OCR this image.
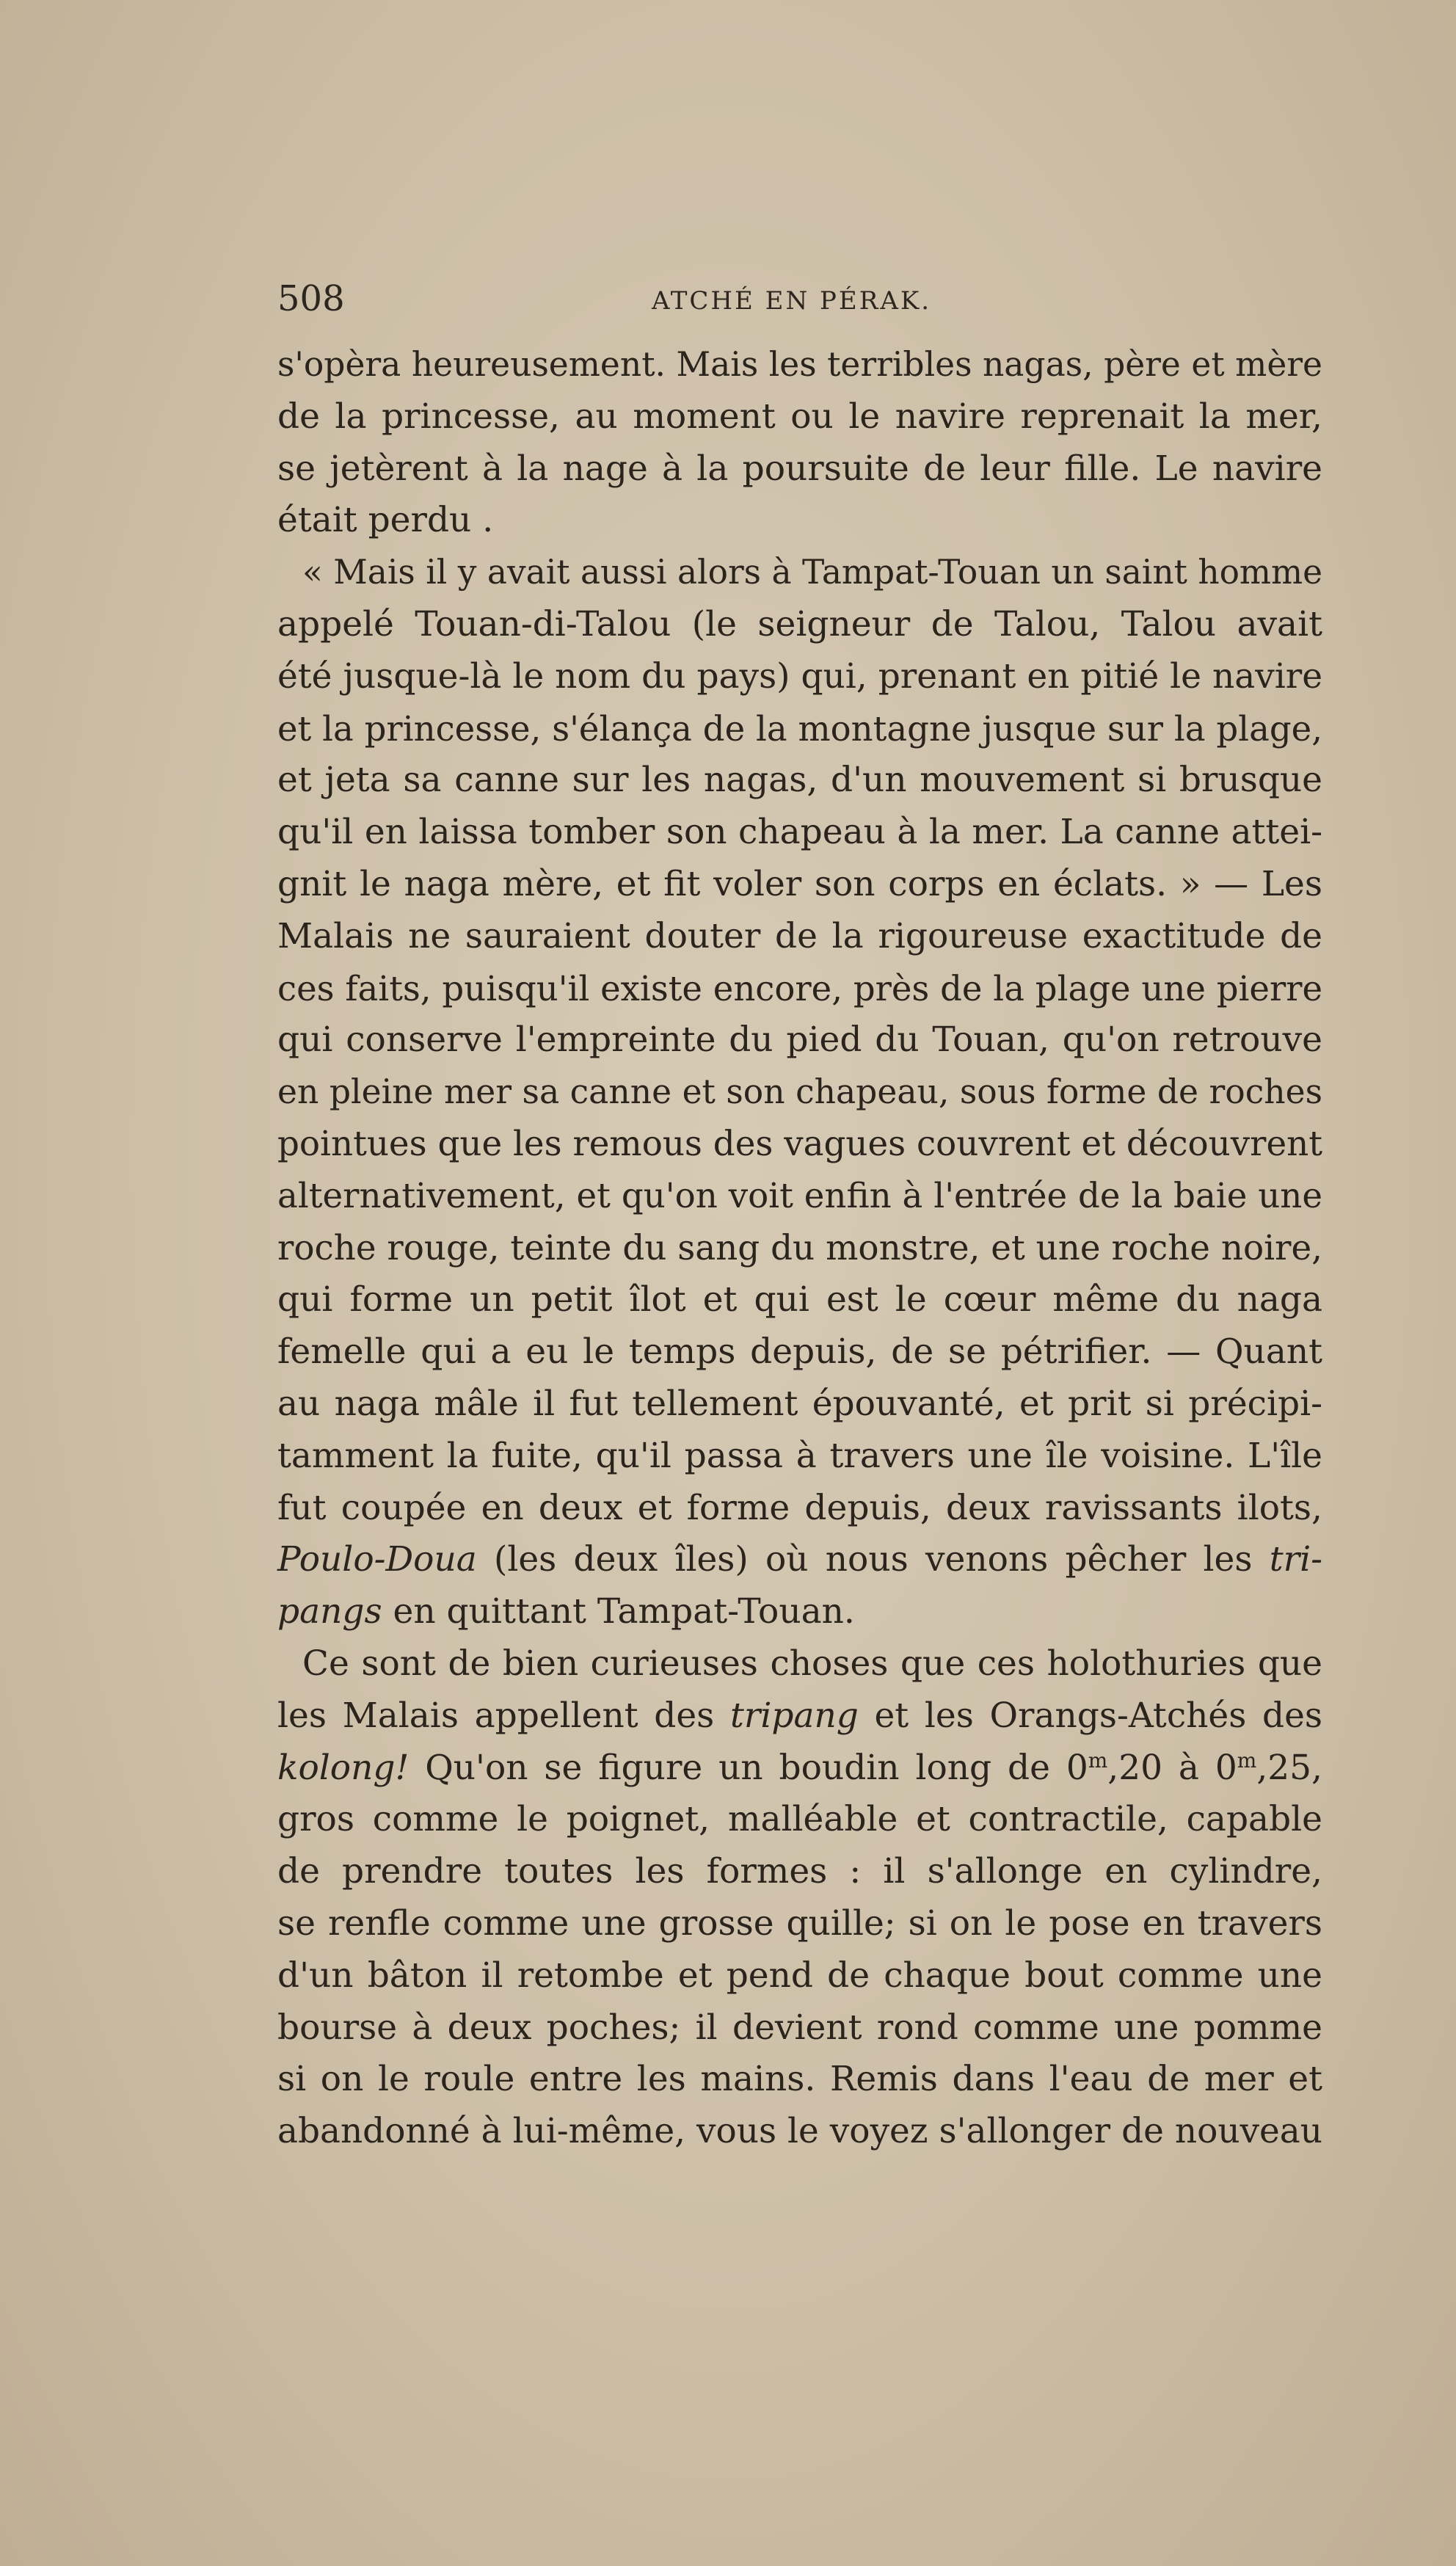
508	ATCHÉ EN PÉRAK.
s'opèra heureusement. Mais les terribles nagas, père et mère
de la princesse, au moment ou le navire reprenait la mer,
se jetèrent à la nage à la poursuite de leur fille. Le navire
était perdu .
« Mais il y avait aussi alors à Tampat-Touan un saint homme
appelé Touan-di-Talou (le seigneur de Talou, Talou avait
été jusque-là le nom du pays) qui, prenant en pitié le navire
et la princesse, s'élança de la montagne jusque sur la plage,
et jeta sa canne sur les nagas, d'un mouvement si brusque
qu'il en laissa tomber son chapeau à la mer. La canne attei-
gnit le naga mère, et fit voler son corps en éclats. » — Les
Malais ne sauraient douter de la rigoureuse exactitude de
ces faits, puisqu'il existe encore, près de la plage une pierre
qui conserve l'empreinte du pied du Touan, qu'on retrouve
en pleine mer sa canne et son chapeau, sous forme de roches
pointues que les remous des vagues couvrent et découvrent
alternativement, et qu'on voit enfin à l'entrée de la baie une
roche rouge, teinte du sang du monstre, et une roche noire,
qui forme un petit îlot et qui est le cœur même du naga
femelle qui a eu le temps depuis, de se pétrifier. — Quant
au naga mâle il fut tellement épouvanté, et prit si précipi-
tamment la fuite, qu'il passa à travers une île voisine. L'île
fut coupée en deux et forme depuis, deux ravissants ilots,
Poulo-Doua (les deux îles) où nous venons pêcher les tri-
pangs en quittant Tampat-Touan.
Ce sont de bien curieuses choses que ces holothuries que
les Malais appellent des tripang et les Orangs-Atchés des
kolong! Qu'on se figure un boudin long de 0$^m$,20 à 0$^m$,25,
gros comme le poignet, malléable et contractile, capable
de prendre toutes les formes : il s'allonge en cylindre,
se renfle comme une grosse quille; si on le pose en travers
d'un bâton il retombe et pend de chaque bout comme une
bourse à deux poches; il devient rond comme une pomme
si on le roule entre les mains. Remis dans l'eau de mer et
abandonné à lui-même, vous le voyez s'allonger de nouveau
